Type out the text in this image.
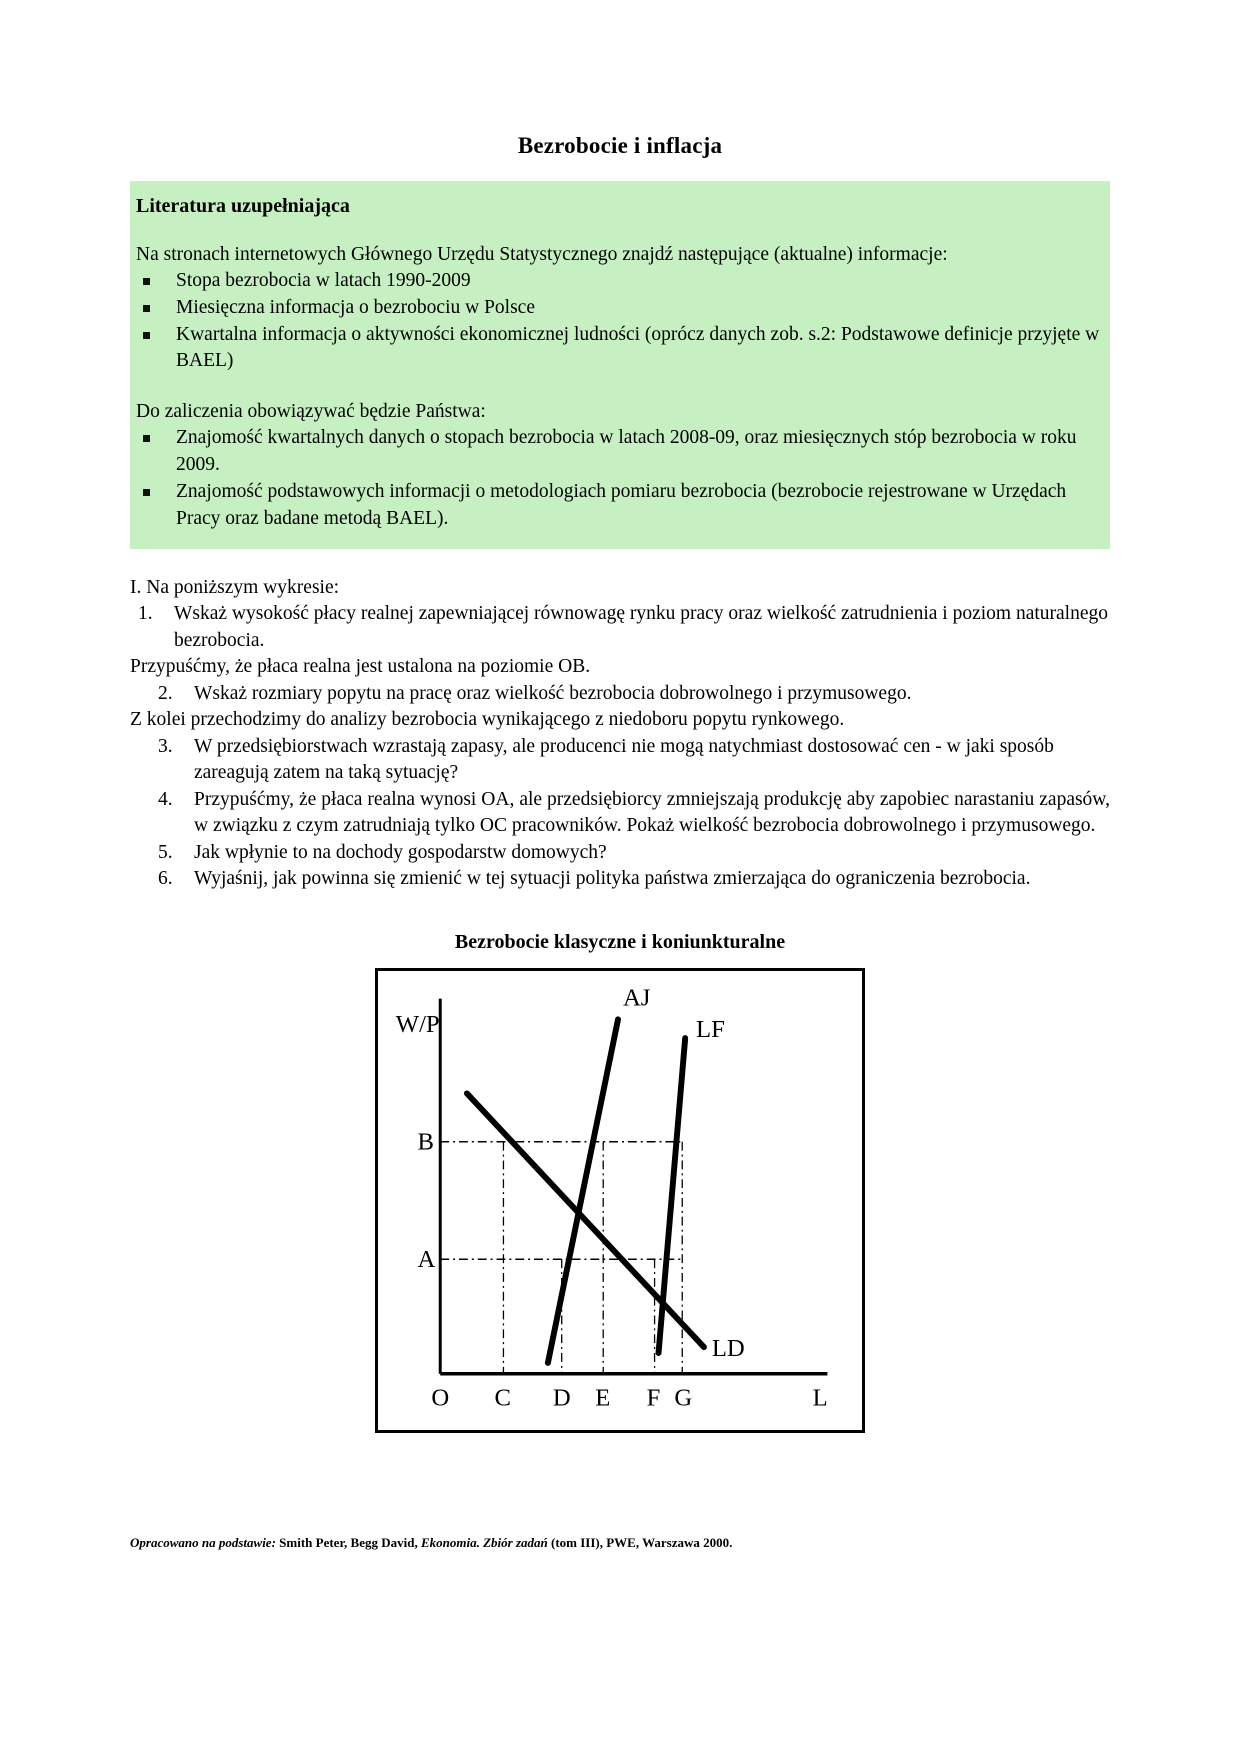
Bezrobocie i inflacja
Literatura uzupełniająca

Na stronach internetowych Głównego Urzędu Statystycznego znajdź następujące (aktualne) informacje:

Stopa bezrobocia w latach 1990-2009
Miesięczna informacja o bezrobociu w Polsce
Kwartalna informacja o aktywności ekonomicznej ludności (oprócz danych zob. s.2: Podstawowe definicje przyjęte w BAEL)

Do zaliczenia obowiązywać będzie Państwa:

Znajomość kwartalnych danych o stopach bezrobocia w latach 2008-09, oraz miesięcznych stóp bezrobocia w roku 2009.
Znajomość podstawowych informacji o metodologiach pomiaru bezrobocia (bezrobocie rejestrowane w Urzędach Pracy oraz badane metodą BAEL).

I. Na poniższym wykresie:

1. Wskaż wysokość płacy realnej zapewniającej równowagę rynku pracy oraz wielkość zatrudnienia i poziom naturalnego bezrobocia.

Przypuśćmy, że płaca realna jest ustalona na poziomie OB.

2. Wskaż rozmiary popytu na pracę oraz wielkość bezrobocia dobrowolnego i przymusowego.

Z kolei przechodzimy do analizy bezrobocia wynikającego z niedoboru popytu rynkowego.

3. W przedsiębiorstwach wzrastają zapasy, ale producenci nie mogą natychmiast dostosować cen - w jaki sposób zareagują zatem na taką sytuację?
4. Przypuśćmy, że płaca realna wynosi OA, ale przedsiębiorcy zmniejszają produkcję aby zapobiec narastaniu zapasów, w związku z czym zatrudniają tylko OC pracowników. Pokaż wielkość bezrobocia dobrowolnego i przymusowego.
5. Jak wpłynie to na dochody gospodarstw domowych?
6. Wyjaśnij, jak powinna się zmienić w tej sytuacji polityka państwa zmierzająca do ograniczenia bezrobocia.
Bezrobocie klasyczne i koniunkturalne
AJ
LF
LD
W/P
B
A
O C D E F G	L
Opracowano na podstawie: Smith Peter, Begg David, Ekonomia. Zbiór zadań (tom III), PWE, Warszawa 2000.
